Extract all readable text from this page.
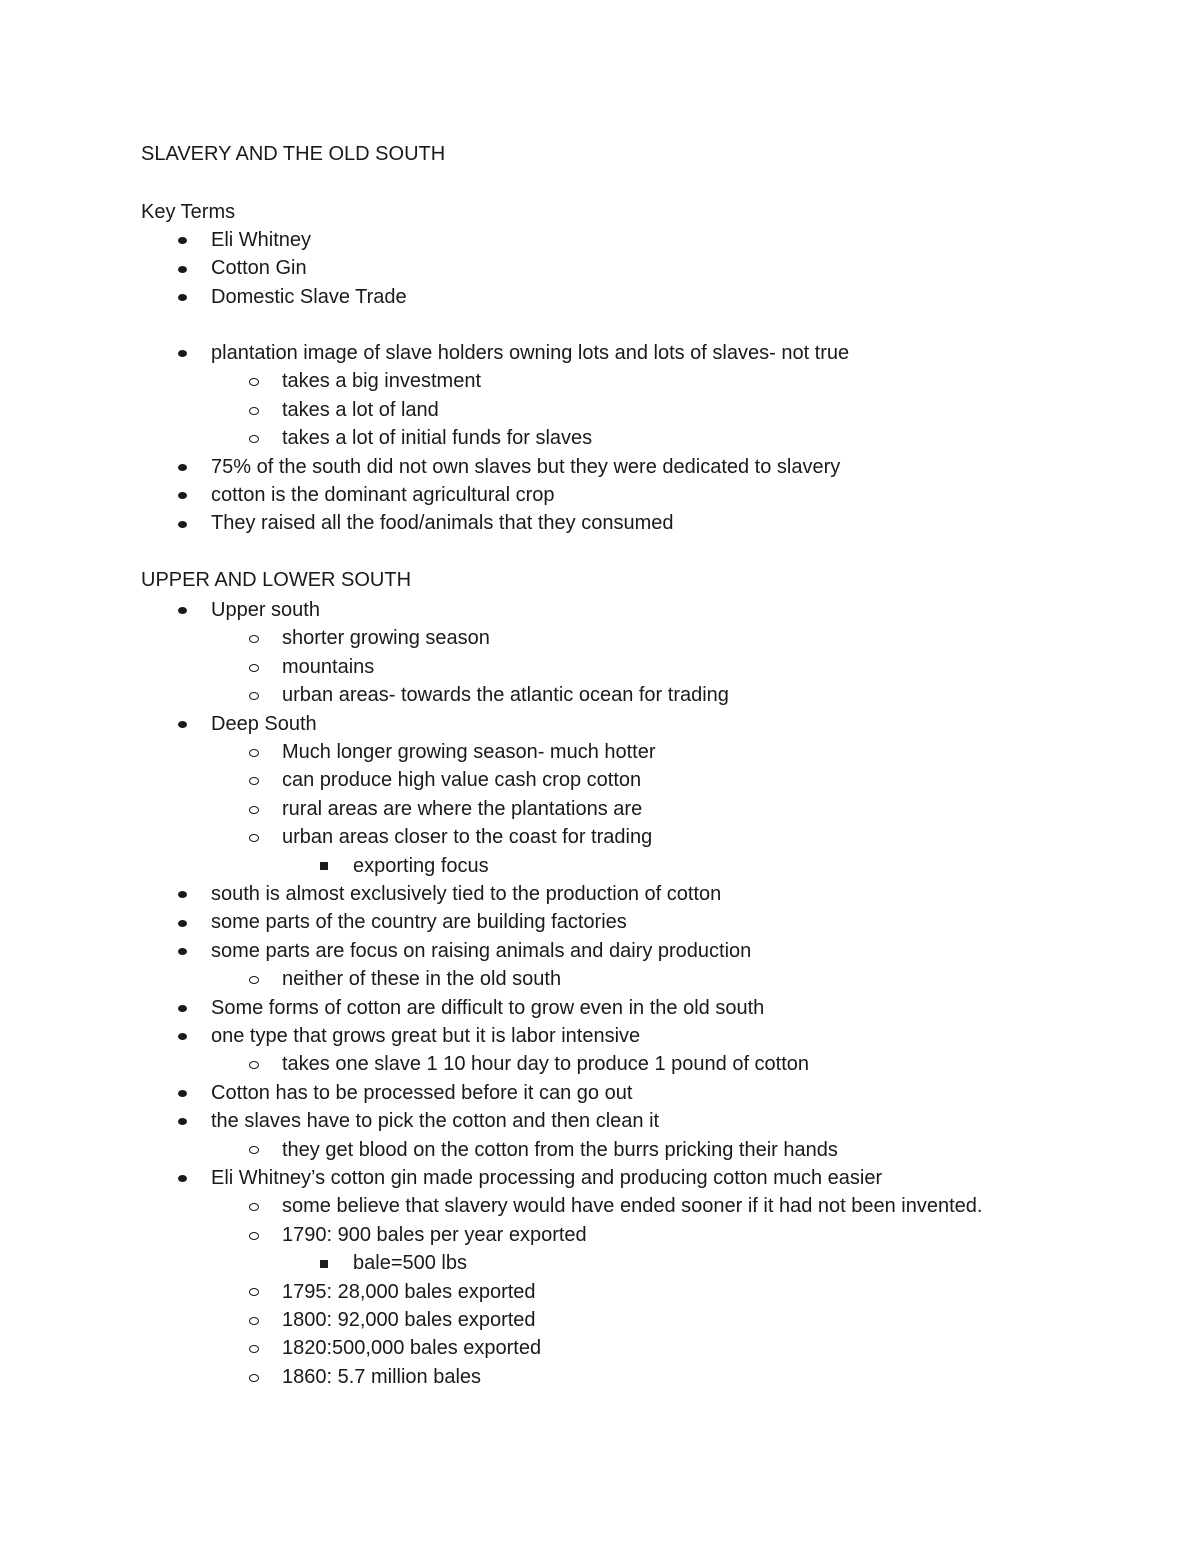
SLAVERY AND THE OLD SOUTH
Key Terms
Eli Whitney
Cotton Gin
Domestic Slave Trade
plantation image of slave holders owning lots and lots of slaves- not true
takes a big investment
takes a lot of land
takes a lot of initial funds for slaves
75% of the south did not own slaves but they were dedicated to slavery
cotton is the dominant agricultural crop
They raised all the food/animals that they consumed
UPPER AND LOWER SOUTH
Upper south
shorter growing season
mountains
urban areas- towards the atlantic ocean for trading
Deep South
Much longer growing season- much hotter
can produce high value cash crop cotton
rural areas are where the plantations are
urban areas closer to the coast for trading
exporting focus
south is almost exclusively tied to the production of cotton
some parts of the country are building factories
some parts are focus on raising animals and dairy production
neither of these in the old south
Some forms of cotton are difficult to grow even in the old south
one type that grows great but it is labor intensive
takes one slave 1 10 hour day to produce 1 pound of cotton
Cotton has to be processed before it can go out
the slaves have to pick the cotton and then clean it
they get blood on the cotton from the burrs pricking their hands
Eli Whitney’s cotton gin made processing and producing cotton much easier
some believe that slavery would have ended sooner if it had not been invented.
1790: 900 bales per year exported
bale=500 lbs
1795: 28,000 bales exported
1800: 92,000 bales exported
1820:500,000 bales exported
1860: 5.7 million bales
